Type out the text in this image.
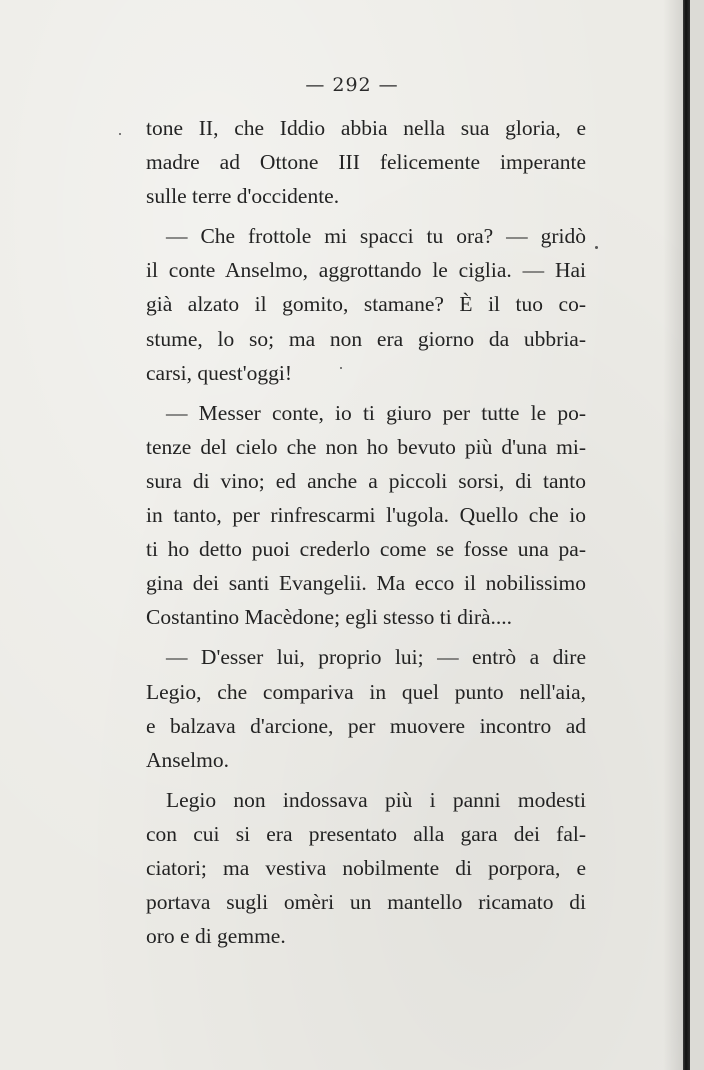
— 292 —
tone II, che Iddio abbia nella sua gloria, e
madre ad Ottone III felicemente imperante
sulle terre d'occidente.
— Che frottole mi spacci tu ora? — gridò
il conte Anselmo, aggrottando le ciglia. — Hai
già alzato il gomito, stamane? È il tuo co-
stume, lo so; ma non era giorno da ubbria-
carsi, quest'oggi!
— Messer conte, io ti giuro per tutte le po-
tenze del cielo che non ho bevuto più d'una mi-
sura di vino; ed anche a piccoli sorsi, di tanto
in tanto, per rinfrescarmi l'ugola. Quello che io
ti ho detto puoi crederlo come se fosse una pa-
gina dei santi Evangelii. Ma ecco il nobilissimo
Costantino Macèdone; egli stesso ti dirà....
— D'esser lui, proprio lui; — entrò a dire
Legio, che compariva in quel punto nell'aia,
e balzava d'arcione, per muovere incontro ad
Anselmo.
Legio non indossava più i panni modesti
con cui si era presentato alla gara dei fal-
ciatori; ma vestiva nobilmente di porpora, e
portava sugli omèri un mantello ricamato di
oro e di gemme.
